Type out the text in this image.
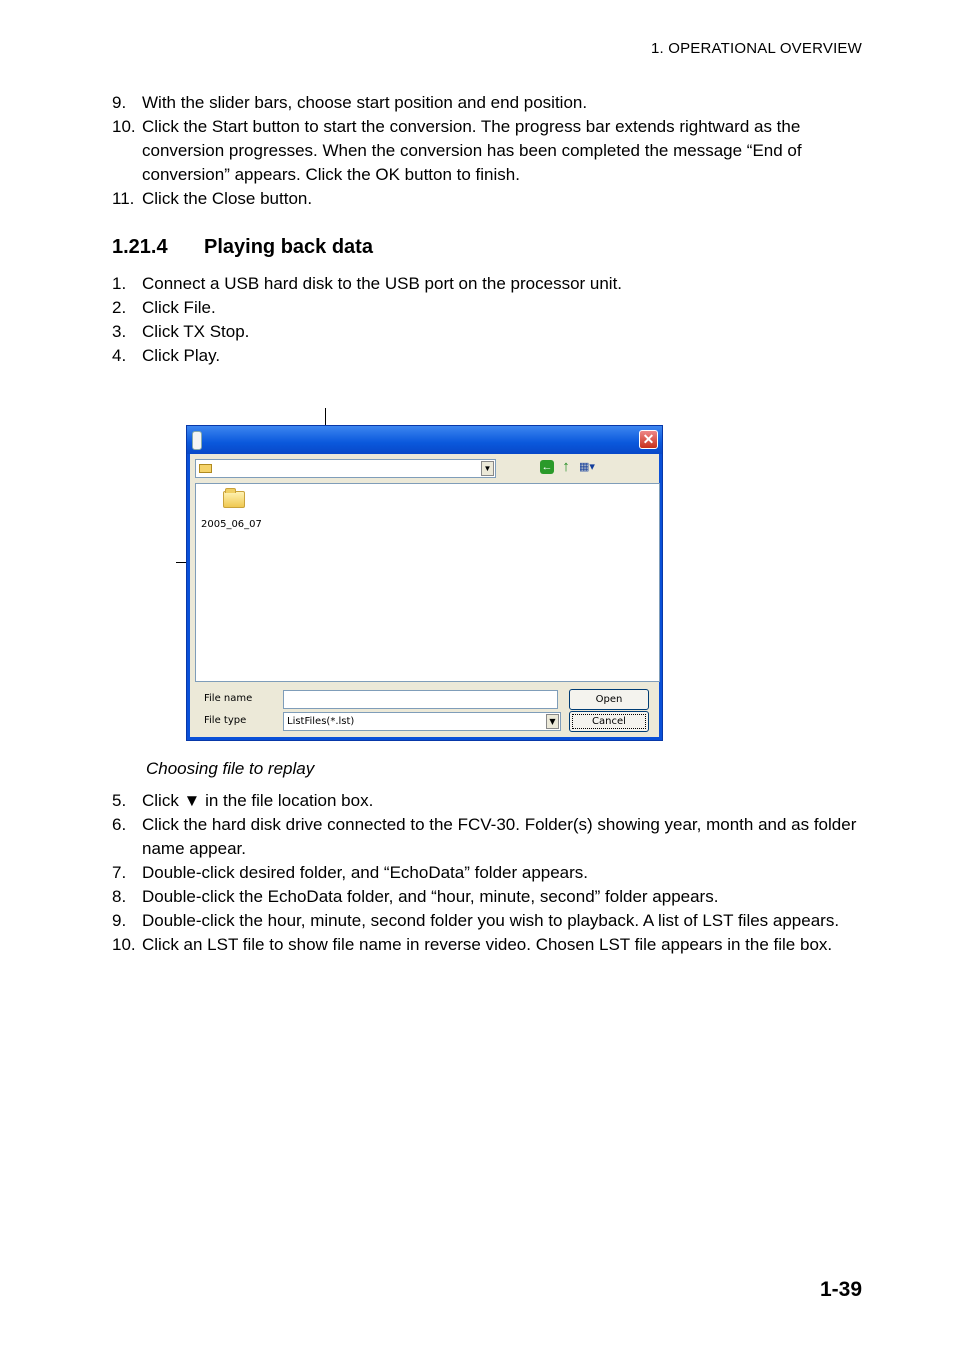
1. OPERATIONAL OVERVIEW
9. With the slider bars, choose start position and end position.
10. Click the Start button to start the conversion. The progress bar extends rightward as the conversion progresses. When the conversion has been completed the message “End of conversion” appears. Click the OK button to finish.
11. Click the Close button.
1.21.4 Playing back data
1. Connect a USB hard disk to the USB port on the processor unit.
2. Click File.
3. Click TX Stop.
4. Click Play.
✕
▼	← ↑ ▦▾
2005_06_07
File name
File type	ListFiles(*.lst)	▼
Open
Cancel
Choosing file to replay
5. Click ▼ in the file location box.
6. Click the hard disk drive connected to the FCV-30. Folder(s) showing year, month and as folder name appear.
7. Double-click desired folder, and “EchoData” folder appears.
8. Double-click the EchoData folder, and “hour, minute, second” folder appears.
9. Double-click the hour, minute, second folder you wish to playback. A list of LST files appears.
10. Click an LST file to show file name in reverse video. Chosen LST file appears in the file box.
1-39
